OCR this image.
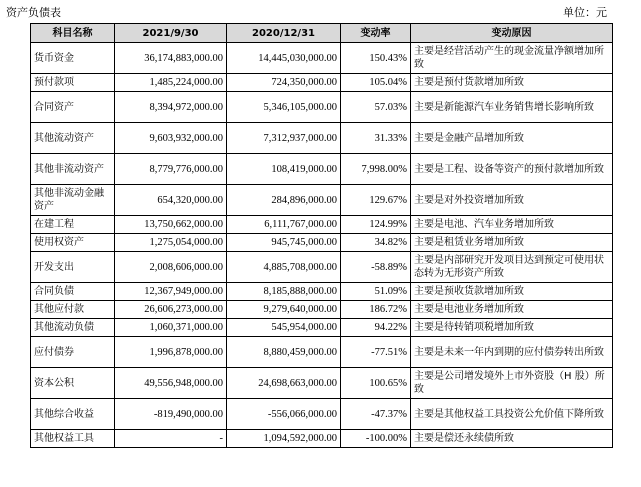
资产负债表	单位：元
科目名称	2021/9/30	2020/12/31	变动率	变动原因
货币资金	36,174,883,000.00	14,445,030,000.00	150.43%	主要是经营活动产生的现金流量净额增加所致
预付款项	1,485,224,000.00	724,350,000.00	105.04%	主要是预付货款增加所致
合同资产	8,394,972,000.00	5,346,105,000.00	57.03%	主要是新能源汽车业务销售增长影响所致
其他流动资产	9,603,932,000.00	7,312,937,000.00	31.33%	主要是金融产品增加所致
其他非流动资产	8,779,776,000.00	108,419,000.00	7,998.00%	主要是工程、设备等资产的预付款增加所致
其他非流动金融资产	654,320,000.00	284,896,000.00	129.67%	主要是对外投资增加所致
在建工程	13,750,662,000.00	6,111,767,000.00	124.99%	主要是电池、汽车业务增加所致
使用权资产	1,275,054,000.00	945,745,000.00	34.82%	主要是租赁业务增加所致
开发支出	2,008,606,000.00	4,885,708,000.00	-58.89%	主要是内部研究开发项目达到预定可使用状态转为无形资产所致
合同负债	12,367,949,000.00	8,185,888,000.00	51.09%	主要是预收货款增加所致
其他应付款	26,606,273,000.00	9,279,640,000.00	186.72%	主要是电池业务增加所致
其他流动负债	1,060,371,000.00	545,954,000.00	94.22%	主要是待转销项税增加所致
应付债券	1,996,878,000.00	8,880,459,000.00	-77.51%	主要是未来一年内到期的应付债券转出所致
资本公积	49,556,948,000.00	24,698,663,000.00	100.65%	主要是公司增发境外上市外资股（H 股）所致
其他综合收益	-819,490,000.00	-556,066,000.00	-47.37%	主要是其他权益工具投资公允价值下降所致
其他权益工具	-	1,094,592,000.00	-100.00%	主要是偿还永续债所致
